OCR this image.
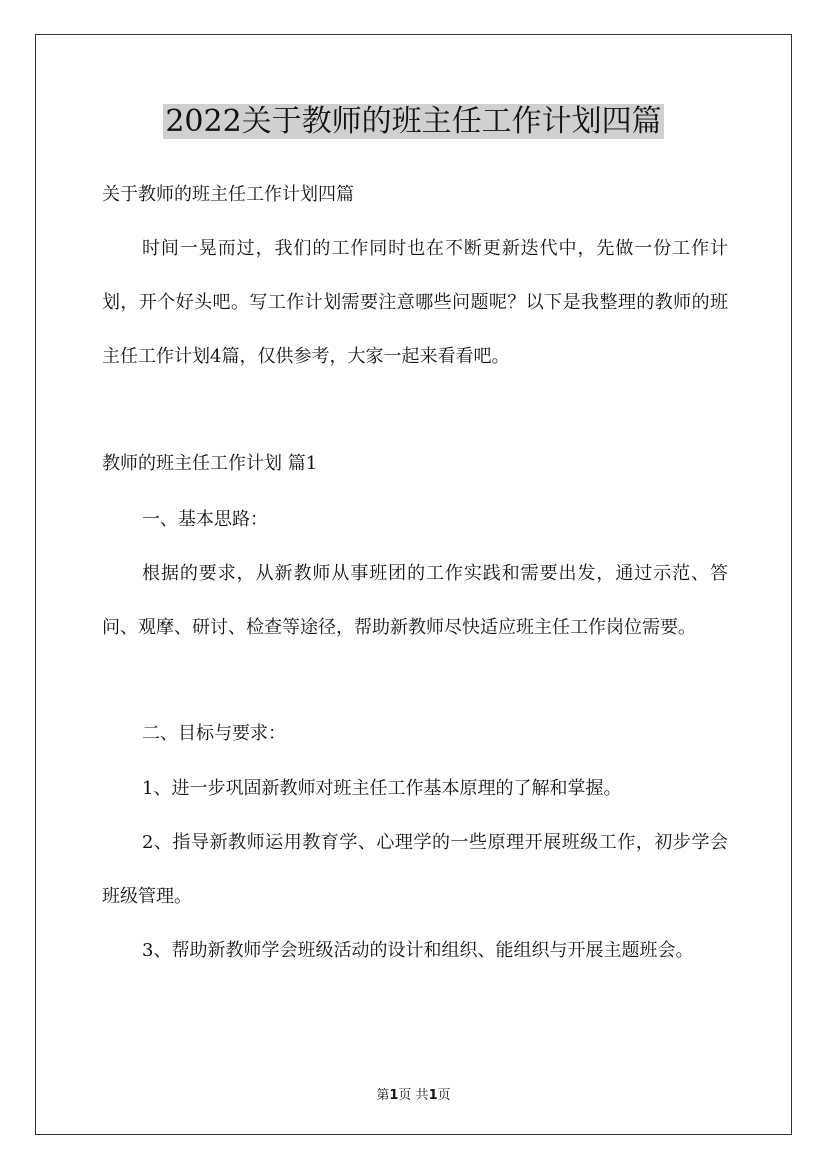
2022关于教师的班主任工作计划四篇

关于教师的班主任工作计划四篇

时间一晃而过，我们的工作同时也在不断更新迭代中，先做一份工作计划，开个好头吧。写工作计划需要注意哪些问题呢？以下是我整理的教师的班主任工作计划4篇，仅供参考，大家一起来看看吧。

教师的班主任工作计划 篇1

一、基本思路：

根据的要求，从新教师从事班团的工作实践和需要出发，通过示范、答问、观摩、研讨、检查等途径，帮助新教师尽快适应班主任工作岗位需要。

二、目标与要求：

1、进一步巩固新教师对班主任工作基本原理的了解和掌握。

2、指导新教师运用教育学、心理学的一些原理开展班级工作，初步学会班级管理。

3、帮助新教师学会班级活动的设计和组织、能组织与开展主题班会。

第1页 共1页
